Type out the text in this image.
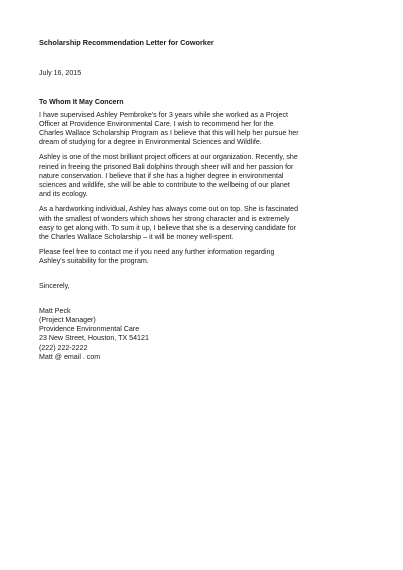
Scholarship Recommendation Letter for Coworker
July 16, 2015
To Whom It May Concern
I have supervised Ashley Pembroke's for 3 years while she worked as a Project
Officer at Providence Environmental Care. I wish to recommend her for the
Charles Wallace Scholarship Program as I believe that this will help her pursue her
dream of studying for a degree in Environmental Sciences and Wildlife.
Ashley is one of the most brilliant project officers at our organization. Recently, she
reined in freeing the prisoned Bali dolphins through sheer will and her passion for
nature conservation. I believe that if she has a higher degree in environmental
sciences and wildlife, she will be able to contribute to the wellbeing of our planet
and its ecology.
As a hardworking individual, Ashley has always come out on top. She is fascinated
with the smallest of wonders which shows her strong character and is extremely
easy to get along with. To sum it up, I believe that she is a deserving candidate for
the Charles Wallace Scholarship – it will be money well-spent.
Please feel free to contact me if you need any further information regarding
Ashley's suitability for the program.
Sincerely,
Matt Peck
(Project Manager)
Providence Environmental Care
23 New Street, Houston, TX 54121
(222) 222-2222
Matt @ email . com
